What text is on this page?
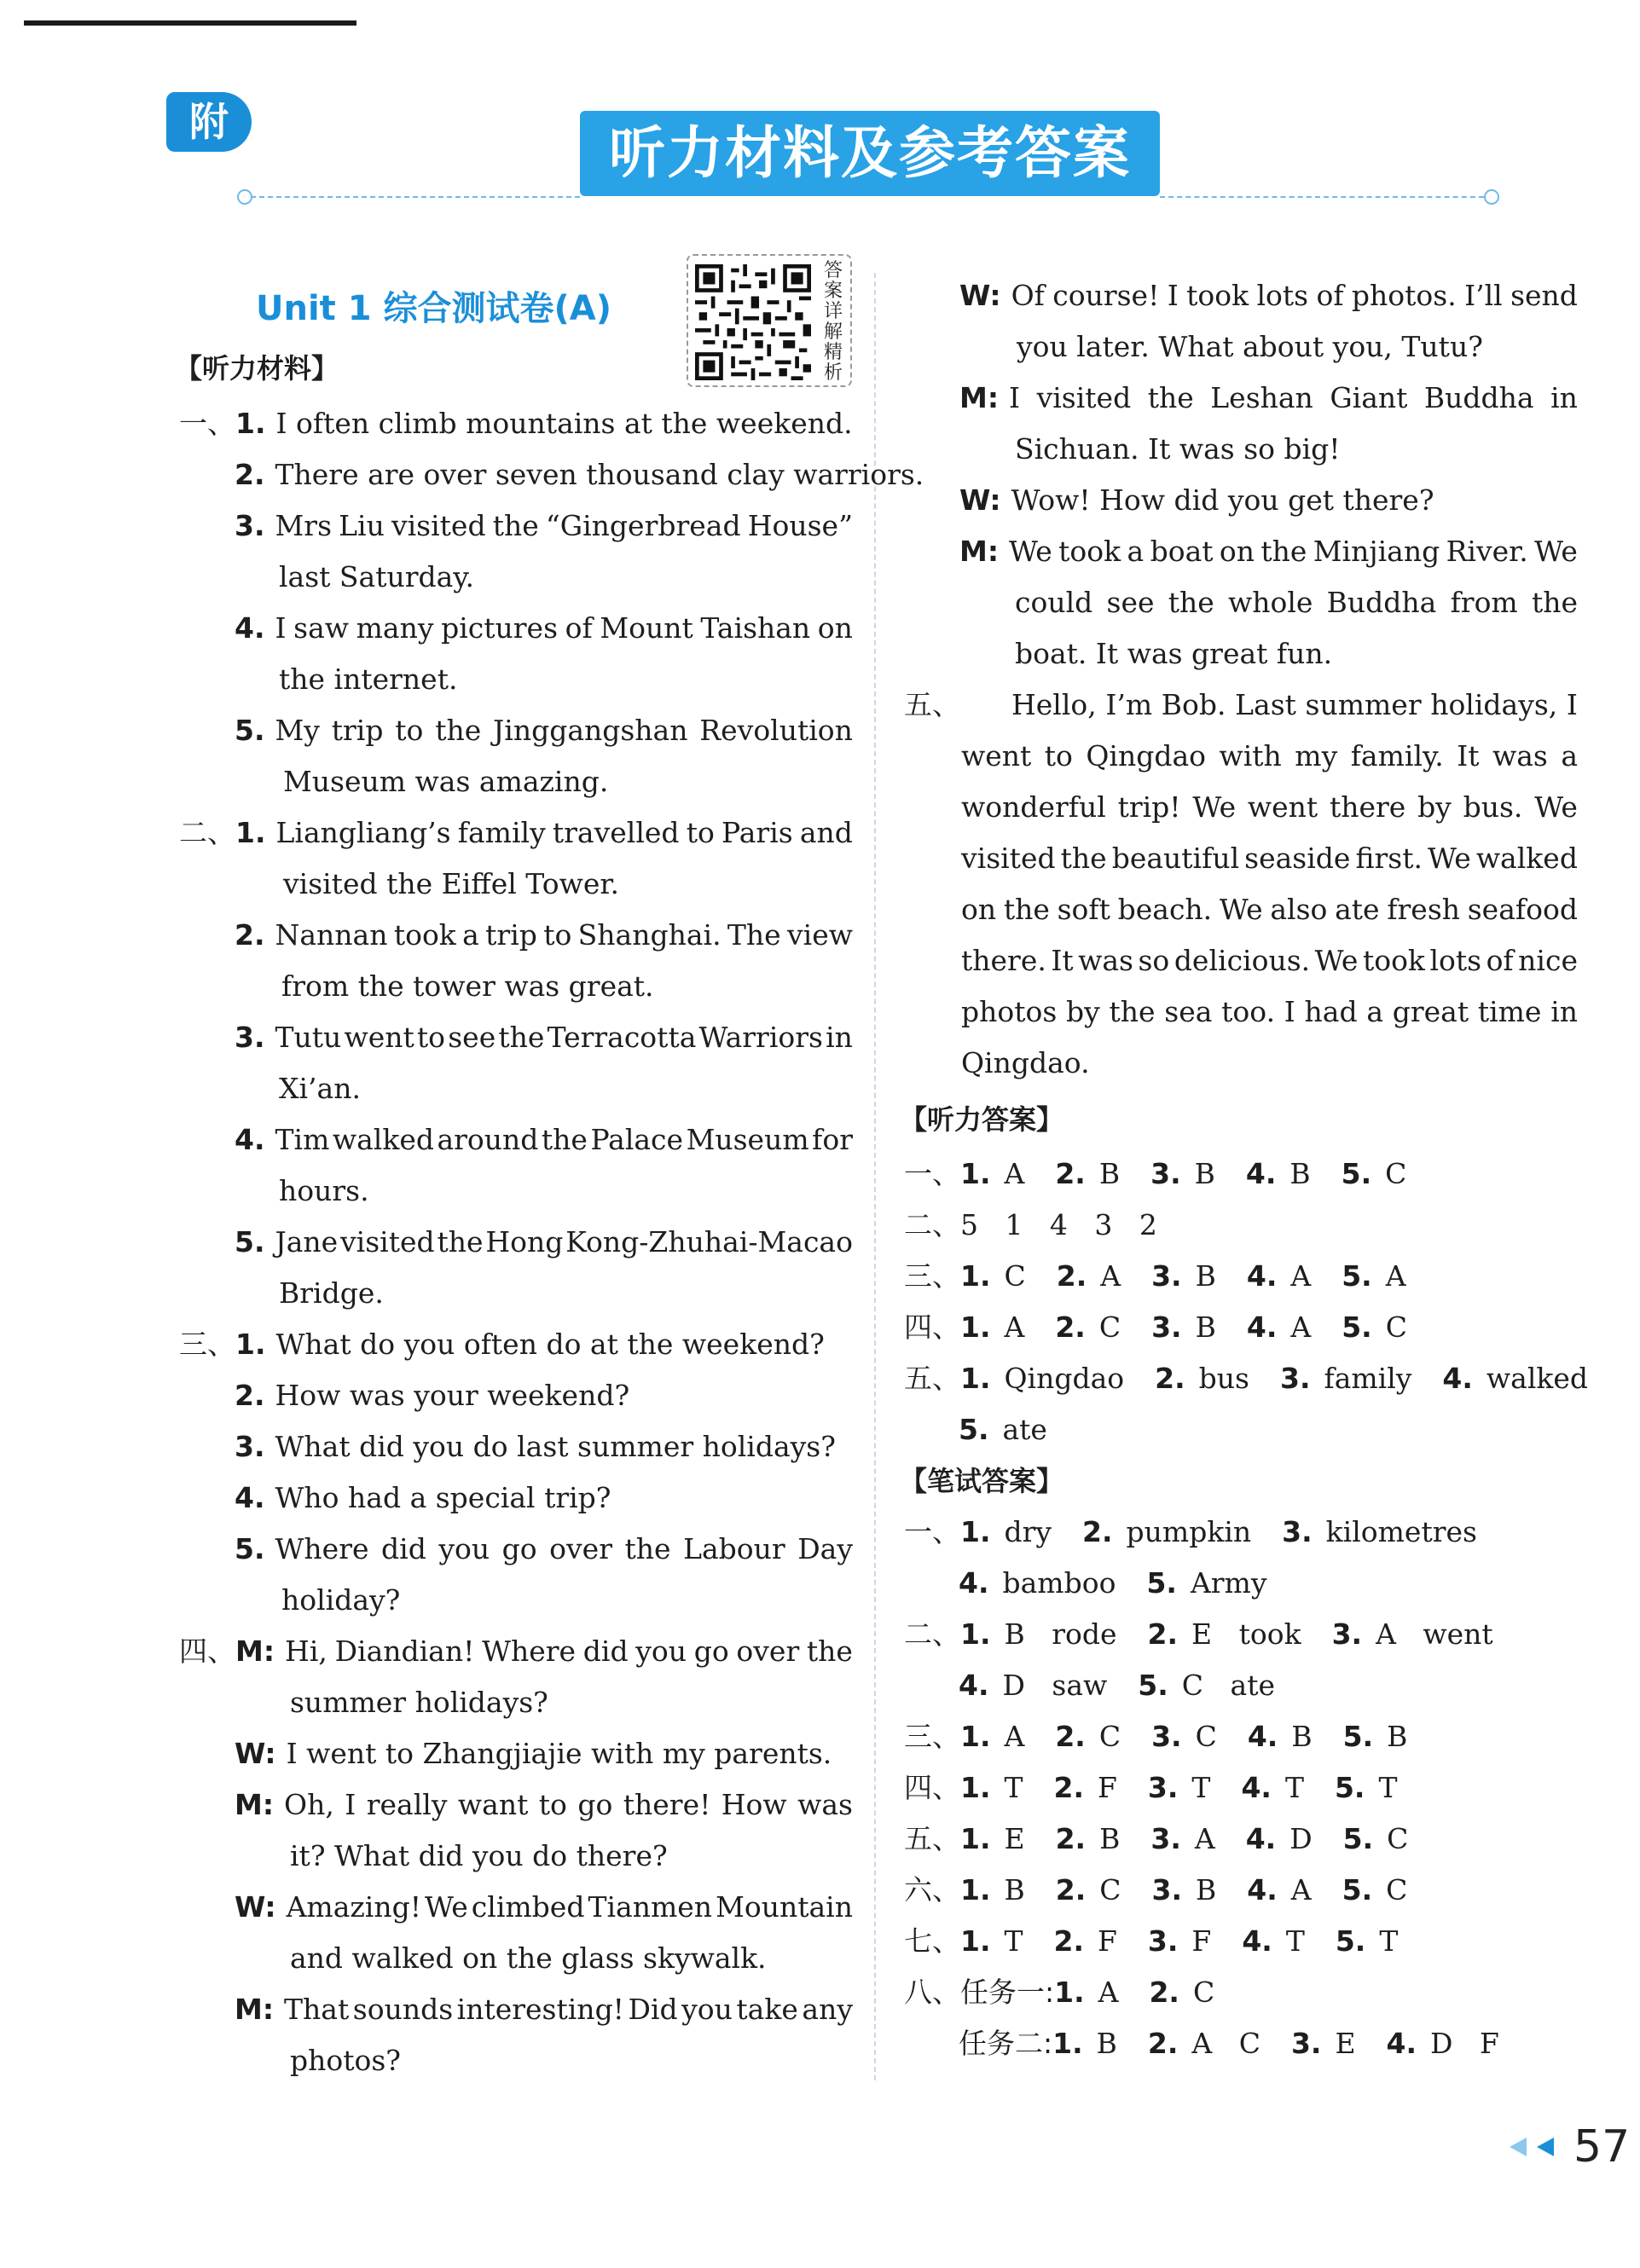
附	听力材料及参考答案
Unit 1 综合测试卷(A)
答案详解精析
【听力材料】
一、1. I often climb mountains at the weekend.
2. There are over seven thousand clay warriors.
3. Mrs Liu visited the “Gingerbread House”
last Saturday.
4. I saw many pictures of Mount Taishan on
the internet.
5. My trip to the Jinggangshan Revolution
Museum was amazing.
二、1. Liangliang’s family travelled to Paris and
visited the Eiffel Tower.
2. Nannan took a trip to Shanghai. The view
from the tower was great.
3. Tutu went to see the Terracotta Warriors in
Xi’an.
4. Tim walked around the Palace Museum for
hours.
5. Jane visited the Hong Kong-Zhuhai-Macao
Bridge.
三、1. What do you often do at the weekend?
2. How was your weekend?
3. What did you do last summer holidays?
4. Who had a special trip?
5. Where did you go over the Labour Day
holiday?
四、M: Hi, Diandian! Where did you go over the
summer holidays?
W: I went to Zhangjiajie with my parents.
M: Oh, I really want to go there! How was
it? What did you do there?
W: Amazing! We climbed Tianmen Mountain
and walked on the glass skywalk.
M: That sounds interesting! Did you take any
photos?
W: Of course! I took lots of photos. I’ll send
you later. What about you, Tutu?
M: I visited the Leshan Giant Buddha in
Sichuan. It was so big!
W: Wow! How did you get there?
M: We took a boat on the Minjiang River. We
could see the whole Buddha from the
boat. It was great fun.
五、 Hello, I’m Bob. Last summer holidays, I
went to Qingdao with my family. It was a
wonderful trip! We went there by bus. We
visited the beautiful seaside first. We walked
on the soft beach. We also ate fresh seafood
there. It was so delicious. We took lots of nice
photos by the sea too. I had a great time in
Qingdao.
【听力答案】
一、1. A 2. B 3. B 4. B 5. C
二、 5   1   4   3   2
三、1. C 2. A 3. B 4. A 5. A
四、1. A 2. C 3. B 4. A 5. C
五、1. Qingdao 2. bus 3. family 4. walked
5. ate
【笔试答案】
一、1. dry 2. pumpkin 3. kilometres
4. bamboo 5. Army
二、1. B   rode 2. E   took 3. A   went
4. D   saw 5. C   ate
三、1. A 2. C 3. C 4. B 5. B
四、1. T 2. F 3. T 4. T 5. T
五、1. E 2. B 3. A 4. D 5. C
六、1. B 2. C 3. B 4. A 5. C
七、1. T 2. F 3. F 4. T 5. T
八、任务一:1. A 2. C
任务二:1. B 2. A   C 3. E 4. D   F
57
